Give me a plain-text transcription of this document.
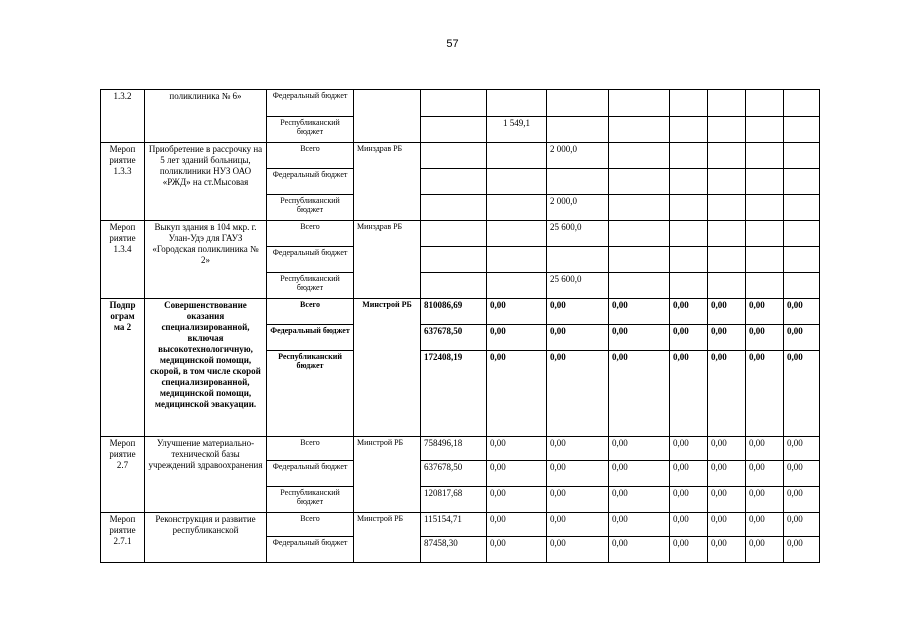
57
1.3.2	поликлиника № 6»	Федеральный бюджет									
		Республиканский бюджет			1 549,1						
Мероп риятие 1.3.3	Приобретение в рассрочку на 5 лет зданий больницы, поликлиники НУЗ ОАО «РЖД» на ст.Мысовая	Всего	Минздрав РБ			2 000,0					
		Федеральный бюджет									
		Республиканский бюджет				2 000,0					
Мероп риятие 1.3.4	Выкуп здания в 104 мкр. г. Улан-Удэ для ГАУЗ «Городская поликлиника № 2»	Всего	Минздрав РБ			25 600,0					
		Федеральный бюджет									
		Республиканский бюджет				25 600,0					
Подпр ограм ма 2	Совершенствование оказания специализированной, включая высокотехнологичную, медицинской помощи, скорой, в том числе скорой специализированной, медицинской помощи, медицинской эвакуации.	Всего	Минстрой РБ	810086,69	0,00	0,00	0,00	0,00	0,00	0,00	0,00
		Федеральный бюджет		637678,50	0,00	0,00	0,00	0,00	0,00	0,00	0,00
		Республиканский бюджет		172408,19	0,00	0,00	0,00	0,00	0,00	0,00	0,00
Мероп риятие 2.7	Улучшение материально-технической базы учреждений здравоохранения	Всего	Минстрой РБ	758496,18	0,00	0,00	0,00	0,00	0,00	0,00	0,00
		Федеральный бюджет		637678,50	0,00	0,00	0,00	0,00	0,00	0,00	0,00
		Республиканский бюджет		120817,68	0,00	0,00	0,00	0,00	0,00	0,00	0,00
Мероп риятие 2.7.1	Реконструкция и развитие республиканской	Всего	Минстрой РБ	115154,71	0,00	0,00	0,00	0,00	0,00	0,00	0,00
		Федеральный бюджет		87458,30	0,00	0,00	0,00	0,00	0,00	0,00	0,00
